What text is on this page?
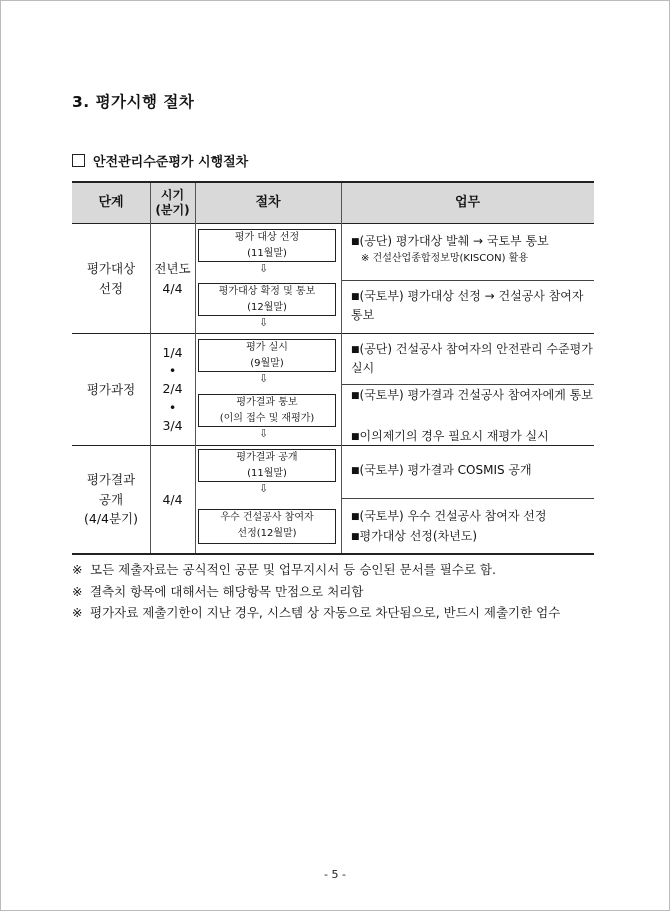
3. 평가시행 절차
안전관리수준평가 시행절차
단계	시기
(분기)
절차	업무
평가대상
선정
전년도
4/4
평가 대상 선정
(11월말)
⇩
평가대상 확정 및 통보
(12월말)
⇩
■(공단) 평가대상 발췌 → 국토부 통보
※ 건설산업종합정보망(KISCON) 활용
■(국토부) 평가대상 선정 → 건설공사 참여자 통보
평가과정
1/4
•
2/4
•
3/4
평가 실시
(9월말)
⇩
평가결과 통보
(이의 접수 및 재평가)
⇩
■(공단) 건설공사 참여자의 안전관리 수준평가 실시
■(국토부) 평가결과 건설공사 참여자에게 통보
■이의제기의 경우 필요시 재평가 실시
평가결과
공개
(4/4분기)
4/4
평가결과 공개
(11월말)
⇩
우수 건설공사 참여자
선정(12월말)
■(국토부) 평가결과 COSMIS 공개
■(국토부) 우수 건설공사 참여자 선정
■평가대상 선정(차년도)
※ 모든 제출자료는 공식적인 공문 및 업무지시서 등 승인된 문서를 필수로 함.
※ 결측치 항목에 대해서는 해당항목 만점으로 처리함
※ 평가자료 제출기한이 지난 경우, 시스템 상 자동으로 차단됨으로, 반드시 제출기한 엄수
- 5 -
